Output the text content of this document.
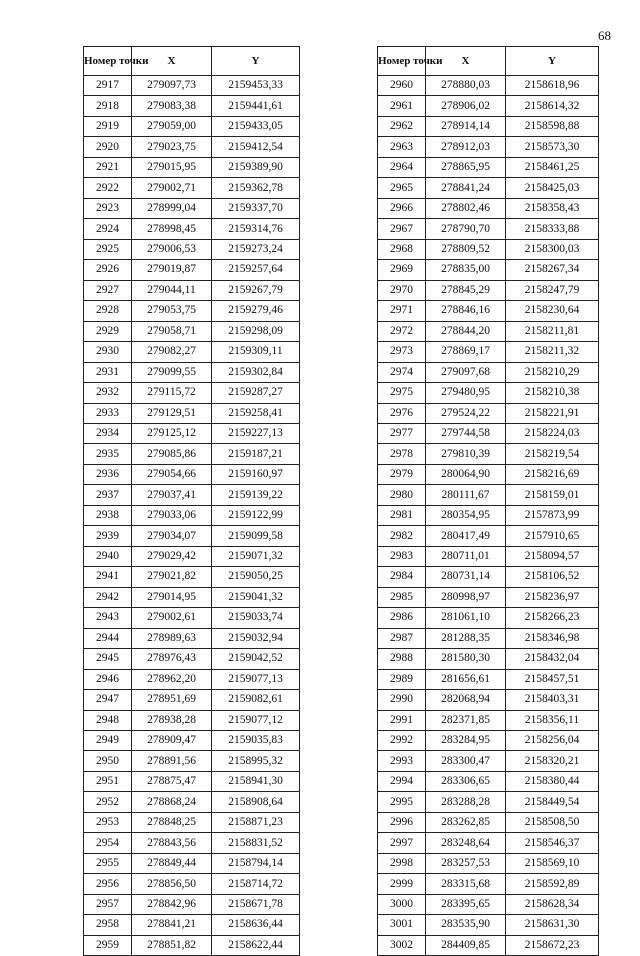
68
Номер точки	X	Y
2917	279097,73	2159453,33
2918	279083,38	2159441,61
2919	279059,00	2159433,05
2920	279023,75	2159412,54
2921	279015,95	2159389,90
2922	279002,71	2159362,78
2923	278999,04	2159337,70
2924	278998,45	2159314,76
2925	279006,53	2159273,24
2926	279019,87	2159257,64
2927	279044,11	2159267,79
2928	279053,75	2159279,46
2929	279058,71	2159298,09
2930	279082,27	2159309,11
2931	279099,55	2159302,84
2932	279115,72	2159287,27
2933	279129,51	2159258,41
2934	279125,12	2159227,13
2935	279085,86	2159187,21
2936	279054,66	2159160,97
2937	279037,41	2159139,22
2938	279033,06	2159122,99
2939	279034,07	2159099,58
2940	279029,42	2159071,32
2941	279021,82	2159050,25
2942	279014,95	2159041,32
2943	279002,61	2159033,74
2944	278989,63	2159032,94
2945	278976,43	2159042,52
2946	278962,20	2159077,13
2947	278951,69	2159082,61
2948	278938,28	2159077,12
2949	278909,47	2159035,83
2950	278891,56	2158995,32
2951	278875,47	2158941,30
2952	278868,24	2158908,64
2953	278848,25	2158871,23
2954	278843,56	2158831,52
2955	278849,44	2158794,14
2956	278856,50	2158714,72
2957	278842,96	2158671,78
2958	278841,21	2158636,44
2959	278851,82	2158622,44
Номер точки	X	Y
2960	278880,03	2158618,96
2961	278906,02	2158614,32
2962	278914,14	2158598,88
2963	278912,03	2158573,30
2964	278865,95	2158461,25
2965	278841,24	2158425,03
2966	278802,46	2158358,43
2967	278790,70	2158333,88
2968	278809,52	2158300,03
2969	278835,00	2158267,34
2970	278845,29	2158247,79
2971	278846,16	2158230,64
2972	278844,20	2158211,81
2973	278869,17	2158211,32
2974	279097,68	2158210,29
2975	279480,95	2158210,38
2976	279524,22	2158221,91
2977	279744,58	2158224,03
2978	279810,39	2158219,54
2979	280064,90	2158216,69
2980	280111,67	2158159,01
2981	280354,95	2157873,99
2982	280417,49	2157910,65
2983	280711,01	2158094,57
2984	280731,14	2158106,52
2985	280998,97	2158236,97
2986	281061,10	2158266,23
2987	281288,35	2158346,98
2988	281580,30	2158432,04
2989	281656,61	2158457,51
2990	282068,94	2158403,31
2991	282371,85	2158356,11
2992	283284,95	2158256,04
2993	283300,47	2158320,21
2994	283306,65	2158380,44
2995	283288,28	2158449,54
2996	283262,85	2158508,50
2997	283248,64	2158546,37
2998	283257,53	2158569,10
2999	283315,68	2158592,89
3000	283395,65	2158628,34
3001	283535,90	2158631,30
3002	284409,85	2158672,23
